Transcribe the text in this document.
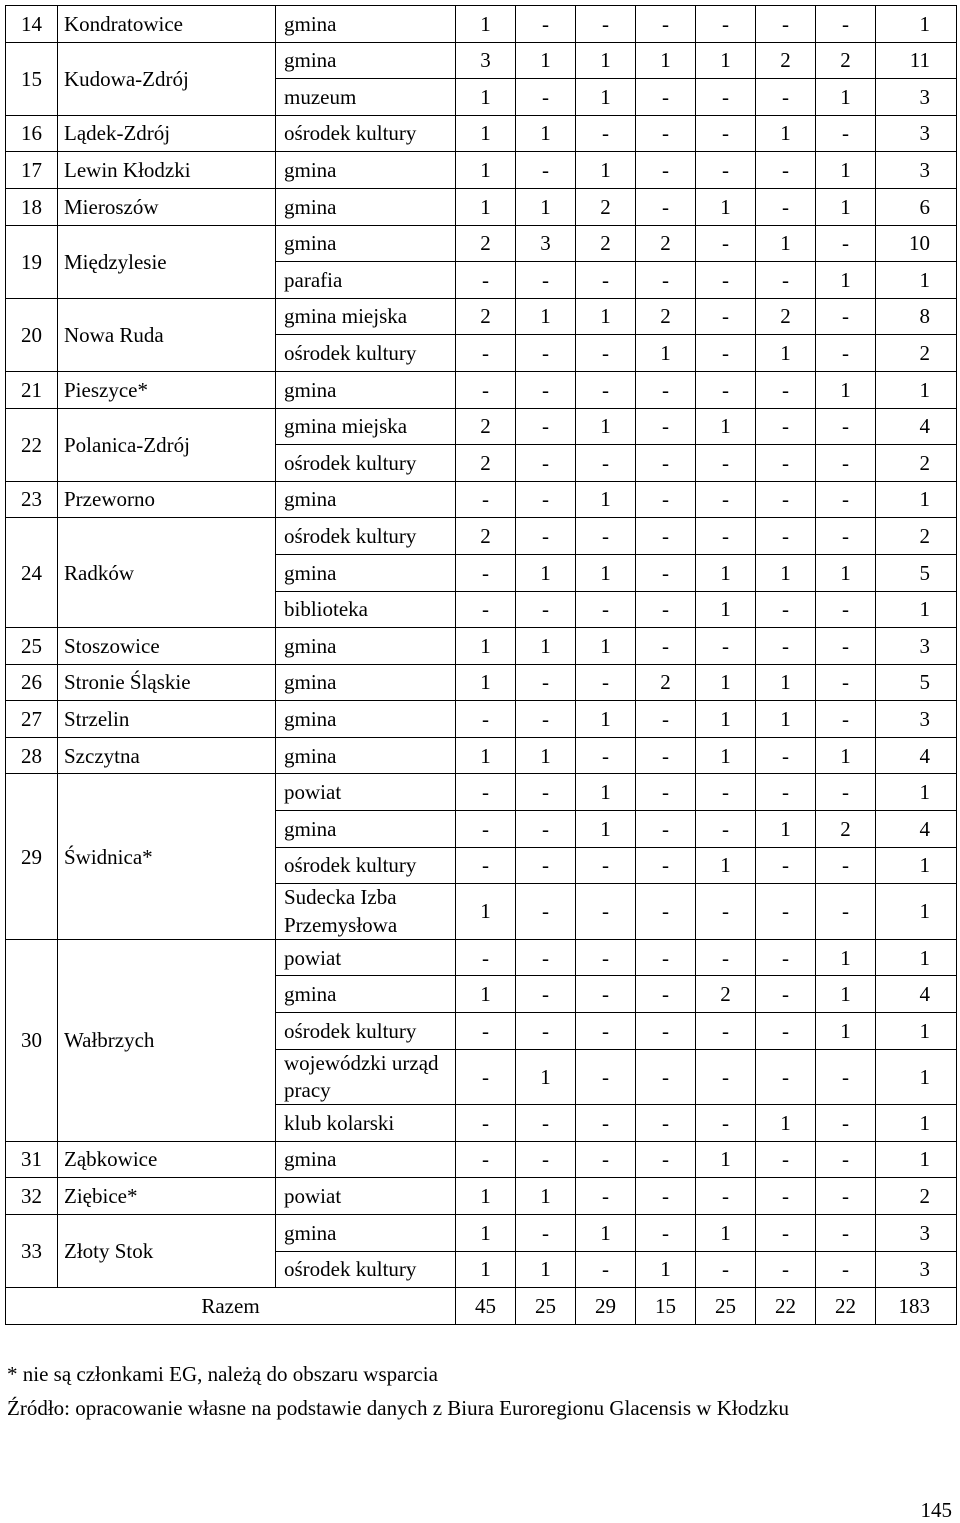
14	Kondratowice	gmina	1	-	-	-	-	-	-	1
15	Kudowa-Zdrój	gmina	3	1	1	1	1	2	2	11
		muzeum	1	-	1	-	-	-	1	3
16	Lądek-Zdrój	ośrodek kultury	1	1	-	-	-	1	-	3
17	Lewin Kłodzki	gmina	1	-	1	-	-	-	1	3
18	Mieroszów	gmina	1	1	2	-	1	-	1	6
19	Międzylesie	gmina	2	3	2	2	-	1	-	10
		parafia	-	-	-	-	-	-	1	1
20	Nowa Ruda	gmina miejska	2	1	1	2	-	2	-	8
		ośrodek kultury	-	-	-	1	-	1	-	2
21	Pieszyce*	gmina	-	-	-	-	-	-	1	1
22	Polanica-Zdrój	gmina miejska	2	-	1	-	1	-	-	4
		ośrodek kultury	2	-	-	-	-	-	-	2
23	Przeworno	gmina	-	-	1	-	-	-	-	1
24	Radków	ośrodek kultury	2	-	-	-	-	-	-	2
		gmina	-	1	1	-	1	1	1	5
		biblioteka	-	-	-	-	1	-	-	1
25	Stoszowice	gmina	1	1	1	-	-	-	-	3
26	Stronie Śląskie	gmina	1	-	-	2	1	1	-	5
27	Strzelin	gmina	-	-	1	-	1	1	-	3
28	Szczytna	gmina	1	1	-	-	1	-	1	4
29	Świdnica*	powiat	-	-	1	-	-	-	-	1
		gmina	-	-	1	-	-	1	2	4
		ośrodek kultury	-	-	-	-	1	-	-	1
		Sudecka Izba Przemysłowa	1	-	-	-	-	-	-	1
30	Wałbrzych	powiat	-	-	-	-	-	-	1	1
		gmina	1	-	-	-	2	-	1	4
		ośrodek kultury	-	-	-	-	-	-	1	1
		wojewódzki urząd pracy	-	1	-	-	-	-	-	1
		klub kolarski	-	-	-	-	-	1	-	1
31	Ząbkowice	gmina	-	-	-	-	1	-	-	1
32	Ziębice*	powiat	1	1	-	-	-	-	-	2
33	Złoty Stok	gmina	1	-	1	-	1	-	-	3
		ośrodek kultury	1	1	-	1	-	-	-	3
Razem			45	25	29	15	25	22	22	183
* nie są członkami EG, należą do obszaru wsparcia
Źródło: opracowanie własne na podstawie danych z Biura Euroregionu Glacensis w Kłodzku
145
